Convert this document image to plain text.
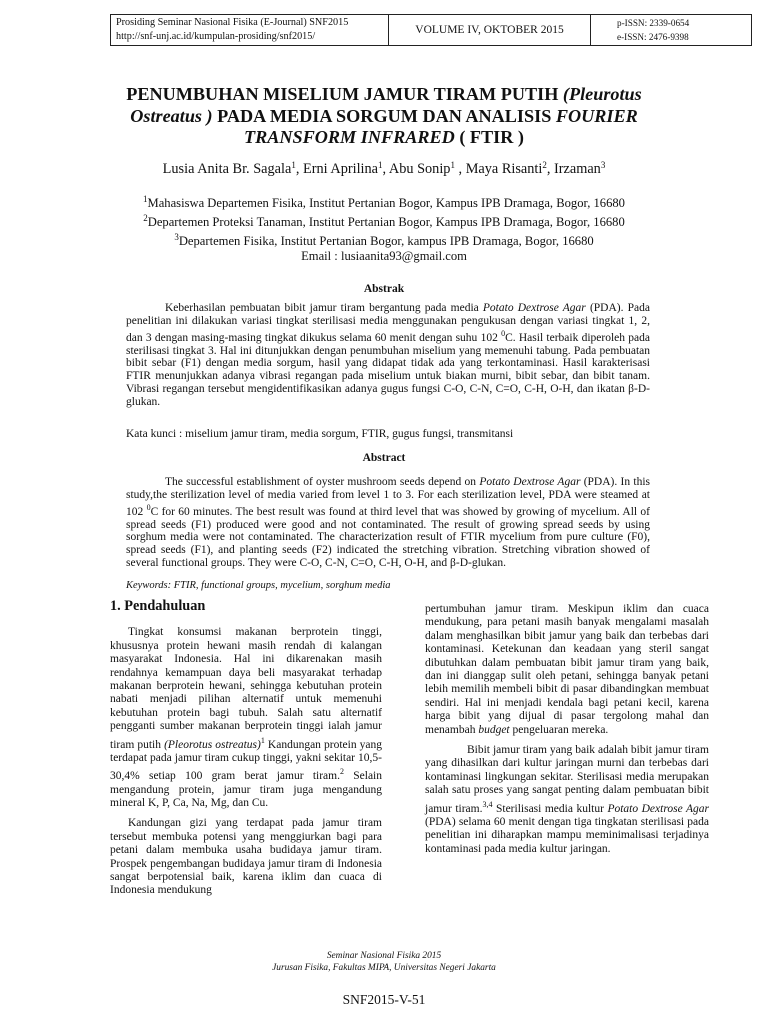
Prosiding Seminar Nasional Fisika (E-Journal) SNF2015
http://snf-unj.ac.id/kumpulan-prosiding/snf2015/
VOLUME IV, OKTOBER 2015
p-ISSN: 2339-0654
e-ISSN: 2476-9398
PENUMBUHAN MISELIUM JAMUR TIRAM PUTIH (Pleurotus
Ostreatus ) PADA MEDIA SORGUM DAN ANALISIS FOURIER
TRANSFORM INFRARED ( FTIR )

Lusia Anita Br. Sagala$^1$, Erni Aprilina$^1$, Abu Sonip$^1$ , Maya Risanti$^2$, Irzaman$^3$

$^1$Mahasiswa Departemen Fisika, Institut Pertanian Bogor, Kampus IPB Dramaga, Bogor, 16680
$^2$Departemen Proteksi Tanaman, Institut Pertanian Bogor, Kampus IPB Dramaga, Bogor, 16680
$^3$Departemen Fisika, Institut Pertanian Bogor, kampus IPB Dramaga, Bogor, 16680
Email : lusiaanita93@gmail.com
Abstrak

Keberhasilan pembuatan bibit jamur tiram bergantung pada media Potato Dextrose Agar (PDA). Pada penelitian ini dilakukan variasi tingkat sterilisasi media menggunakan pengukusan dengan variasi tingkat 1, 2, dan 3 dengan masing-masing tingkat dikukus selama 60 menit dengan suhu 102 $^0$C. Hasil terbaik diperoleh pada sterilisasi tingkat 3. Hal ini ditunjukkan dengan penumbuhan miselium yang memenuhi tabung. Pada pembuatan bibit sebar (F1) dengan media sorgum, hasil yang didapat tidak ada yang terkontaminasi. Hasil karakterisasi FTIR menunjukkan adanya vibrasi regangan pada miselium untuk biakan murni, bibit sebar, dan bibit tanam. Vibrasi regangan tersebut mengidentifikasikan adanya gugus fungsi C-O, C-N, C=O, C-H, O-H, dan ikatan β-D-glukan.

Kata kunci : miselium jamur tiram, media sorgum, FTIR, gugus fungsi, transmitansi

Abstract

The successful establishment of oyster mushroom seeds depend on Potato Dextrose Agar (PDA). In this study,the sterilization level of media varied from level 1 to 3. For each sterilization level, PDA were steamed at 102 $^0$C for 60 minutes. The best result was found at third level that was showed by growing of mycelium. All of spread seeds (F1) produced were good and not contaminated. The result of growing spread seeds by using sorghum media were not contaminated. The characterization result of FTIR mycelium from pure culture (F0), spread seeds (F1), and planting seeds (F2) indicated the stretching vibration. Stretching vibration showed of several functional groups. They were C-O, C-N, C=O, C-H, O-H, and β-D-glukan.

Keywords: FTIR, functional groups, mycelium, sorghum media

1. Pendahuluan

Tingkat konsumsi makanan berprotein tinggi, khususnya protein hewani masih rendah di kalangan masyarakat Indonesia. Hal ini dikarenakan masih rendahnya kemampuan daya beli masyarakat terhadap makanan berprotein hewani, sehingga kebutuhan protein nabati menjadi pilihan alternatif untuk memenuhi kebutuhan protein bagi tubuh. Salah satu alternatif pengganti sumber makanan berprotein tinggi ialah jamur tiram putih (Pleorotus ostreatus)$^1$ Kandungan protein yang terdapat pada jamur tiram cukup tinggi, yakni sekitar 10,5-30,4% setiap 100 gram berat jamur tiram.$^2$ Selain mengandung protein, jamur tiram juga mengandung mineral K, P, Ca, Na, Mg, dan Cu.

Kandungan gizi yang terdapat pada jamur tiram tersebut membuka potensi yang menggiurkan bagi para petani dalam membuka usaha budidaya jamur tiram. Prospek pengembangan budidaya jamur tiram di Indonesia sangat berpotensial baik, karena iklim dan cuaca di Indonesia mendukung

pertumbuhan jamur tiram. Meskipun iklim dan cuaca mendukung, para petani masih banyak mengalami masalah dalam menghasilkan bibit jamur yang baik dan terbebas dari kontaminasi. Ketekunan dan keadaan yang steril sangat dibutuhkan dalam pembuatan bibit jamur tiram yang baik, dan ini dianggap sulit oleh petani, sehingga banyak petani lebih memilih membeli bibit di pasar dibandingkan membuat sendiri. Hal ini menjadi kendala bagi petani kecil, karena harga bibit yang dijual di pasar tergolong mahal dan menambah budget pengeluaran mereka.

Bibit jamur tiram yang baik adalah bibit jamur tiram yang dihasilkan dari kultur jaringan murni dan terbebas dari kontaminasi lingkungan sekitar. Sterilisasi media merupakan salah satu proses yang sangat penting dalam pembuatan bibit jamur tiram.$^{3,4}$ Sterilisasi media kultur Potato Dextrose Agar (PDA) selama 60 menit dengan tiga tingkatan sterilisasi pada penelitian ini diharapkan mampu meminimalisasi terjadinya kontaminasi pada media kultur jaringan.

Seminar Nasional Fisika 2015
Jurusan Fisika, Fakultas MIPA, Universitas Negeri Jakarta
SNF2015-V-51
